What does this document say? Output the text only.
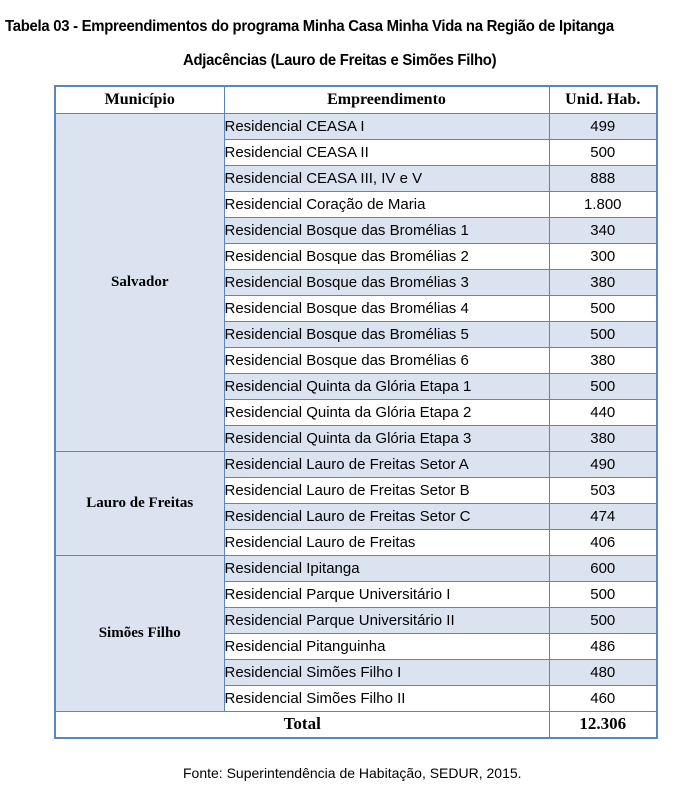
Tabela 03 - Empreendimentos do programa Minha Casa Minha Vida na Região de Ipitanga
Adjacências (Lauro de Freitas e Simões Filho)
Município	Empreendimento	Unid. Hab.
Salvador	Residencial CEASA I	499
	Residencial CEASA II	500
	Residencial CEASA III, IV e V	888
	Residencial Coração de Maria	1.800
	Residencial Bosque das Bromélias 1	340
	Residencial Bosque das Bromélias 2	300
	Residencial Bosque das Bromélias 3	380
	Residencial Bosque das Bromélias 4	500
	Residencial Bosque das Bromélias 5	500
	Residencial Bosque das Bromélias 6	380
	Residencial Quinta da Glória Etapa 1	500
	Residencial Quinta da Glória Etapa 2	440
	Residencial Quinta da Glória Etapa 3	380
Lauro de Freitas	Residencial Lauro de Freitas Setor A	490
	Residencial Lauro de Freitas Setor B	503
	Residencial Lauro de Freitas Setor C	474
	Residencial Lauro de Freitas	406
Simões Filho	Residencial Ipitanga	600
	Residencial Parque Universitário I	500
	Residencial Parque Universitário II	500
	Residencial Pitanguinha	486
	Residencial Simões Filho I	480
	Residencial Simões Filho II	460
Total		12.306
Fonte: Superintendência de Habitação, SEDUR, 2015.
